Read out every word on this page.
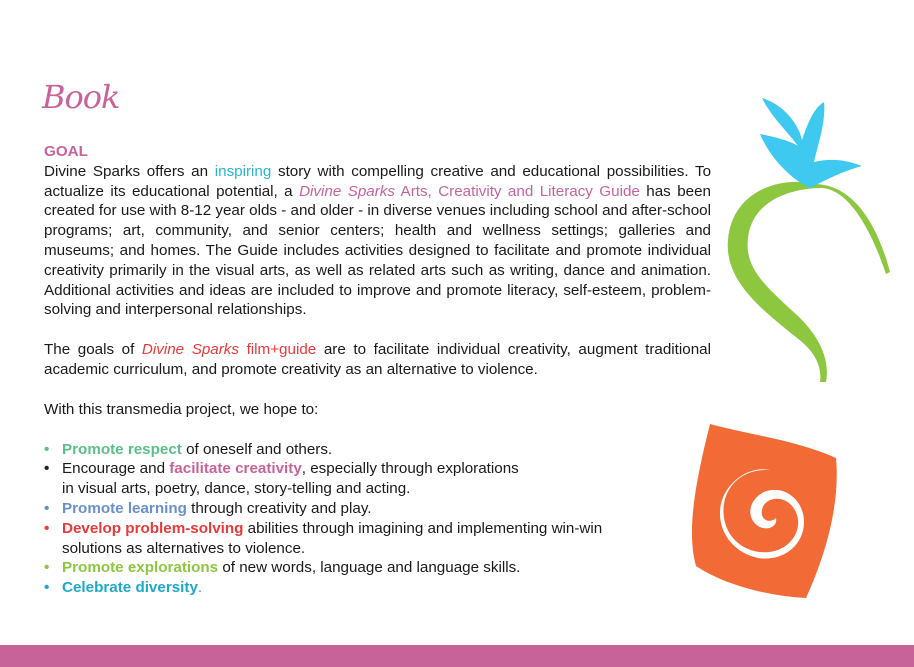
Book

GOAL

Divine Sparks offers an inspiring story with compelling creative and educational possibilities. To actualize its educational potential, a Divine Sparks Arts, Creativity and Literacy Guide has been created for use with 8-12 year olds - and older - in diverse venues including school and after-school programs; art, community, and senior centers; health and wellness settings; galleries and museums; and homes. The Guide includes activities designed to facilitate and promote individual creativity primarily in the visual arts, as well as related arts such as writing, dance and animation. Additional activities and ideas are included to improve and promote literacy, self-esteem, problem-solving and interpersonal relationships.

The goals of Divine Sparks film+guide are to facilitate individual creativity, augment traditional academic curriculum, and promote creativity as an alternative to violence.

With this transmedia project, we hope to:

• Promote respect of oneself and others.
• Encourage and facilitate creativity, especially through explorations
in visual arts, poetry, dance, story-telling and acting.
• Promote learning through creativity and play.
• Develop problem-solving abilities through imagining and implementing win-win
solutions as alternatives to violence.
• Promote explorations of new words, language and language skills.
• Celebrate diversity.
